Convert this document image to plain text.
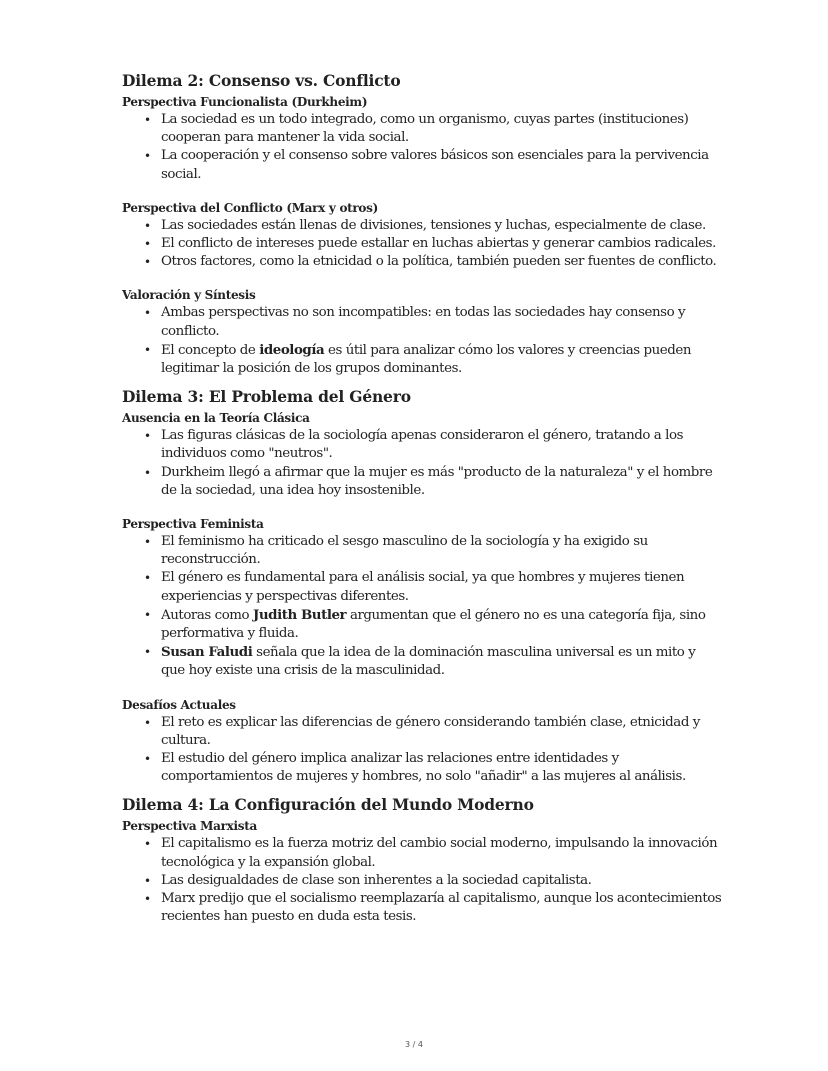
Dilema 2: Consenso vs. Conflicto
Perspectiva Funcionalista (Durkheim)
• La sociedad es un todo integrado, como un organismo, cuyas partes (instituciones) cooperan para mantener la vida social.
• La cooperación y el consenso sobre valores básicos son esenciales para la pervivencia social.
Perspectiva del Conflicto (Marx y otros)
• Las sociedades están llenas de divisiones, tensiones y luchas, especialmente de clase.
• El conflicto de intereses puede estallar en luchas abiertas y generar cambios radicales.
• Otros factores, como la etnicidad o la política, también pueden ser fuentes de conflicto.
Valoración y Síntesis
• Ambas perspectivas no son incompatibles: en todas las sociedades hay consenso y conflicto.
• El concepto de ideología es útil para analizar cómo los valores y creencias pueden legitimar la posición de los grupos dominantes.
Dilema 3: El Problema del Género
Ausencia en la Teoría Clásica
• Las figuras clásicas de la sociología apenas consideraron el género, tratando a los individuos como "neutros".
• Durkheim llegó a afirmar que la mujer es más "producto de la naturaleza" y el hombre de la sociedad, una idea hoy insostenible.
Perspectiva Feminista
• El feminismo ha criticado el sesgo masculino de la sociología y ha exigido su reconstrucción.
• El género es fundamental para el análisis social, ya que hombres y mujeres tienen experiencias y perspectivas diferentes.
• Autoras como Judith Butler argumentan que el género no es una categoría fija, sino performativa y fluida.
• Susan Faludi señala que la idea de la dominación masculina universal es un mito y que hoy existe una crisis de la masculinidad.
Desafíos Actuales
• El reto es explicar las diferencias de género considerando también clase, etnicidad y cultura.
• El estudio del género implica analizar las relaciones entre identidades y comportamientos de mujeres y hombres, no solo "añadir" a las mujeres al análisis.
Dilema 4: La Configuración del Mundo Moderno
Perspectiva Marxista
• El capitalismo es la fuerza motriz del cambio social moderno, impulsando la innovación tecnológica y la expansión global.
• Las desigualdades de clase son inherentes a la sociedad capitalista.
• Marx predijo que el socialismo reemplazaría al capitalismo, aunque los acontecimientos recientes han puesto en duda esta tesis.
3 / 4
